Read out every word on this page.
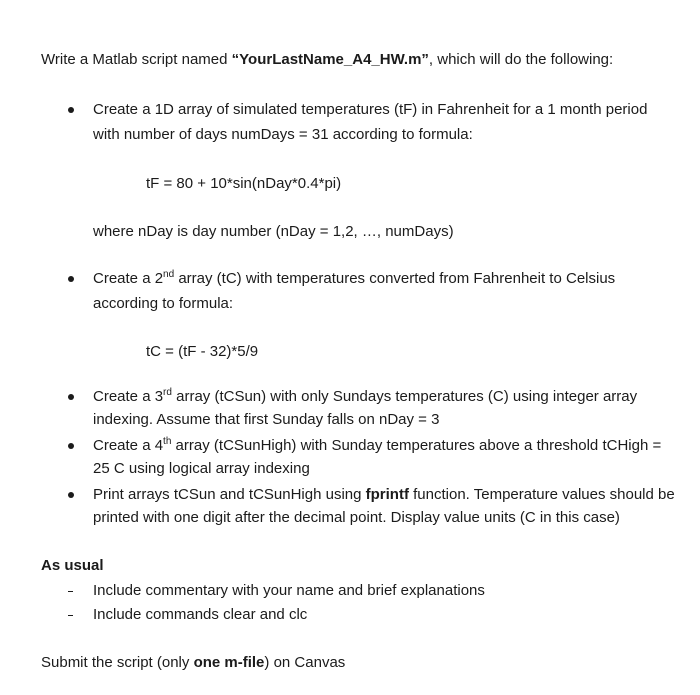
Write a Matlab script named “YourLastName_A4_HW.m”, which will do the following:
Create a 1D array of simulated temperatures (tF) in Fahrenheit for a 1 month period
with number of days numDays = 31 according to formula:
tF = 80 + 10*sin(nDay*0.4*pi)
where nDay is day number (nDay = 1,2, …, numDays)
Create a 2nd array (tC) with temperatures converted from Fahrenheit to Celsius
according to formula:
tC = (tF - 32)*5/9
Create a 3rd array (tCSun) with only Sundays temperatures (C) using integer array
indexing. Assume that first Sunday falls on nDay = 3
Create a 4th array (tCSunHigh) with Sunday temperatures above a threshold tCHigh =
25 C using logical array indexing
Print arrays tCSun and tCSunHigh using fprintf function. Temperature values should be
printed with one digit after the decimal point. Display value units (C in this case)
As usual
Include commentary with your name and brief explanations
Include commands clear and clc
Submit the script (only one m-file) on Canvas
